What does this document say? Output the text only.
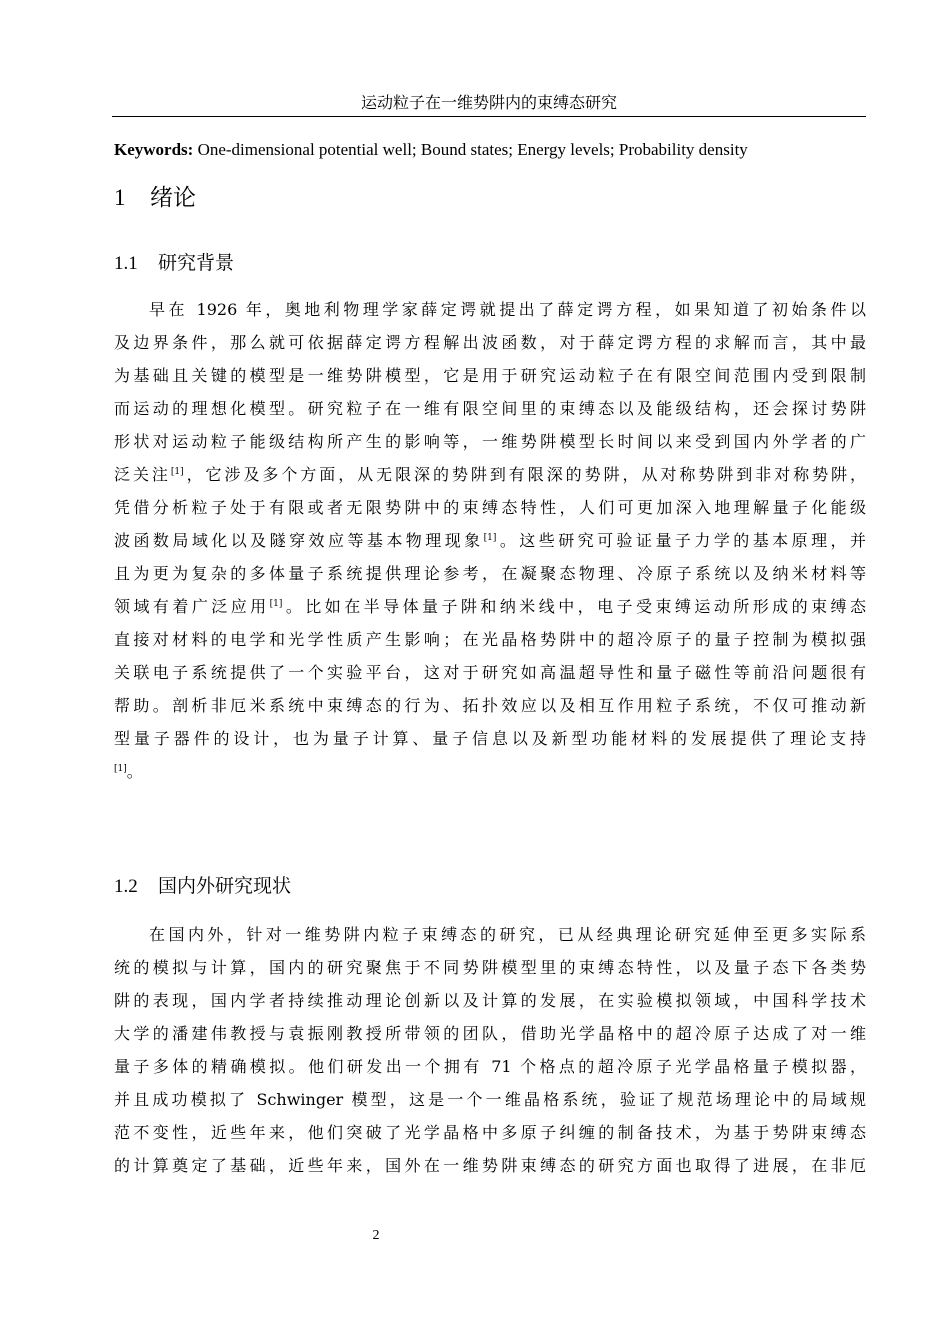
运动粒子在一维势阱内的束缚态研究
Keywords: One-dimensional potential well; Bound states; Energy levels; Probability density
1 绪论
1.1 研究背景
早在 1926 年，奥地利物理学家薛定谔就提出了薛定谔方程，如果知道了初始条件以
及边界条件，那么就可依据薛定谔方程解出波函数，对于薛定谔方程的求解而言，其中最
为基础且关键的模型是一维势阱模型，它是用于研究运动粒子在有限空间范围内受到限制
而运动的理想化模型。研究粒子在一维有限空间里的束缚态以及能级结构，还会探讨势阱
形状对运动粒子能级结构所产生的影响等，一维势阱模型长时间以来受到国内外学者的广
泛关注[1]，它涉及多个方面，从无限深的势阱到有限深的势阱，从对称势阱到非对称势阱，
凭借分析粒子处于有限或者无限势阱中的束缚态特性，人们可更加深入地理解量子化能级
波函数局域化以及隧穿效应等基本物理现象[1]。这些研究可验证量子力学的基本原理，并
且为更为复杂的多体量子系统提供理论参考，在凝聚态物理、冷原子系统以及纳米材料等
领域有着广泛应用[1]。比如在半导体量子阱和纳米线中，电子受束缚运动所形成的束缚态
直接对材料的电学和光学性质产生影响；在光晶格势阱中的超冷原子的量子控制为模拟强
关联电子系统提供了一个实验平台，这对于研究如高温超导性和量子磁性等前沿问题很有
帮助。剖析非厄米系统中束缚态的行为、拓扑效应以及相互作用粒子系统，不仅可推动新
型量子器件的设计，也为量子计算、量子信息以及新型功能材料的发展提供了理论支持
[1]。
1.2 国内外研究现状
在国内外，针对一维势阱内粒子束缚态的研究，已从经典理论研究延伸至更多实际系
统的模拟与计算，国内的研究聚焦于不同势阱模型里的束缚态特性，以及量子态下各类势
阱的表现，国内学者持续推动理论创新以及计算的发展，在实验模拟领域，中国科学技术
大学的潘建伟教授与袁振刚教授所带领的团队，借助光学晶格中的超冷原子达成了对一维
量子多体的精确模拟。他们研发出一个拥有 71 个格点的超冷原子光学晶格量子模拟器，
并且成功模拟了 Schwinger 模型，这是一个一维晶格系统，验证了规范场理论中的局域规
范不变性，近些年来，他们突破了光学晶格中多原子纠缠的制备技术，为基于势阱束缚态
的计算奠定了基础，近些年来，国外在一维势阱束缚态的研究方面也取得了进展，在非厄
2
